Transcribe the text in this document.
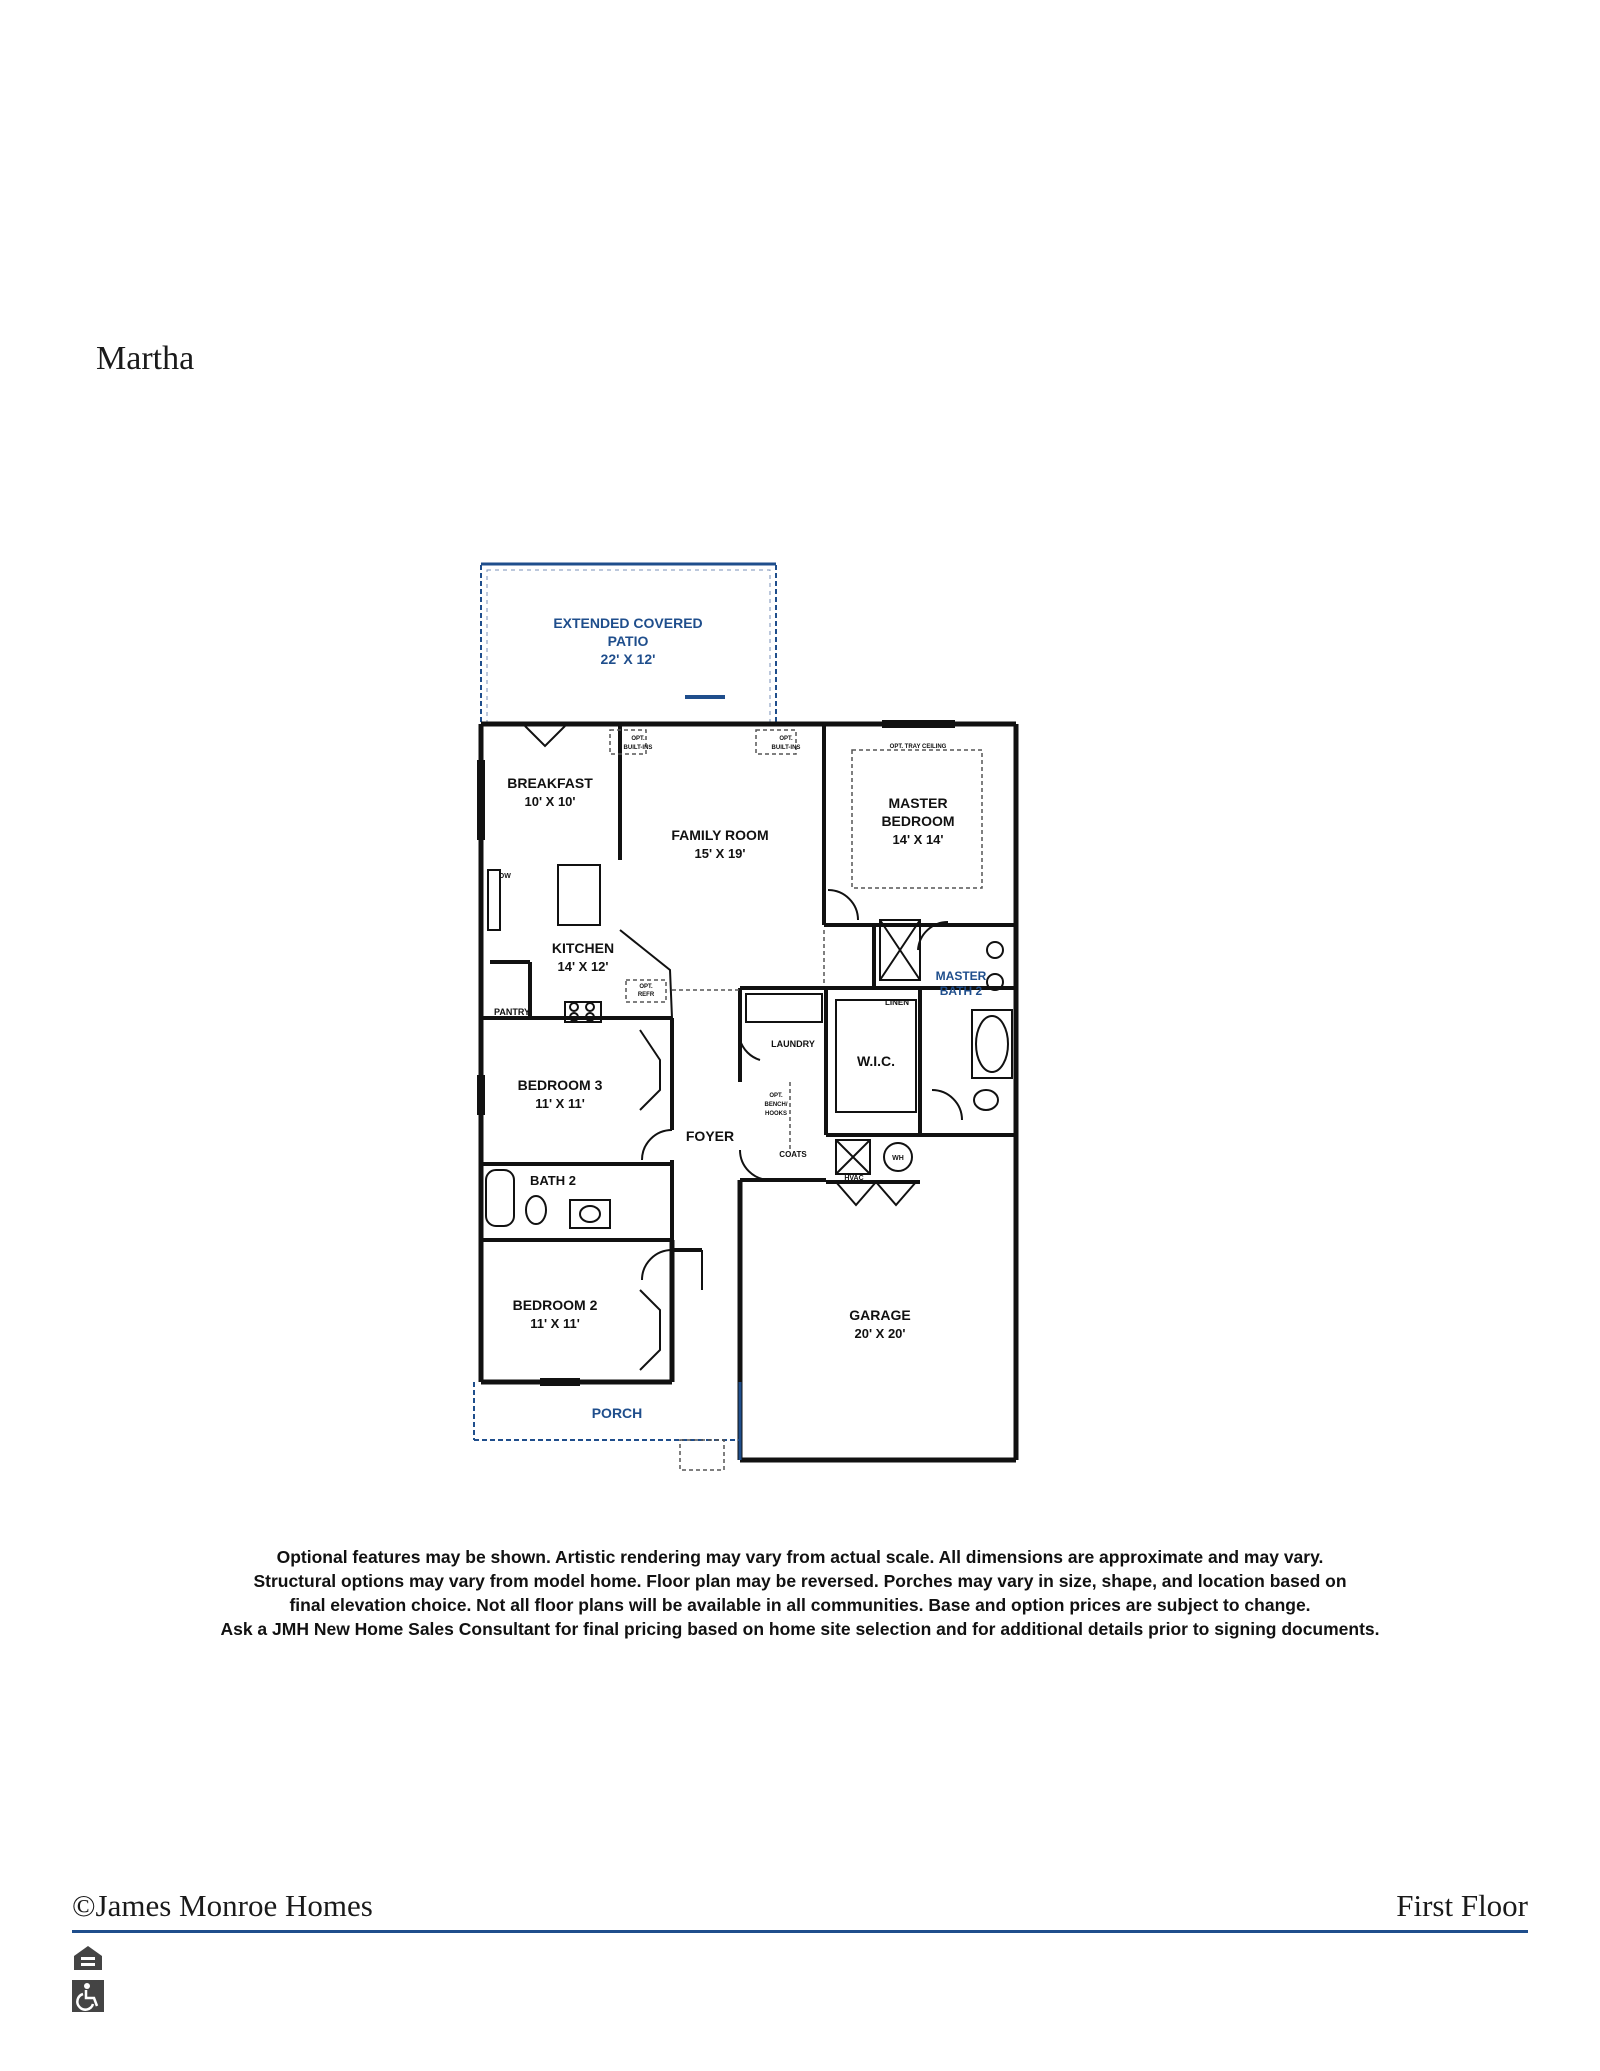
Martha
EXTENDED COVERED
PATIO
22' X 12'
BREAKFAST
10' X 10'
FAMILY ROOM
15' X 19'
MASTER
BEDROOM
14' X 14'
KITCHEN
14' X 12'
MASTER
BATH 2
W.I.C.
LAUNDRY
BEDROOM 3
11' X 11'
FOYER
BATH 2
BEDROOM 2
11' X 11'
GARAGE
20' X 20'
PORCH
PANTRY
LINEN
COATS
HVAC
WH
DW
OPT.
BUILT-INS
OPT.
BUILT-INS	OPT. TRAY CEILING
OPT.
REFR
OPT.
BENCH/
HOOKS
Optional features may be shown. Artistic rendering may vary from actual scale. All dimensions are approximate and may vary.
Structural options may vary from model home. Floor plan may be reversed. Porches may vary in size, shape, and location based on
final elevation choice. Not all floor plans will be available in all communities. Base and option prices are subject to change.
Ask a JMH New Home Sales Consultant for final pricing based on home site selection and for additional details prior to signing documents.
©James Monroe Homes	First Floor
